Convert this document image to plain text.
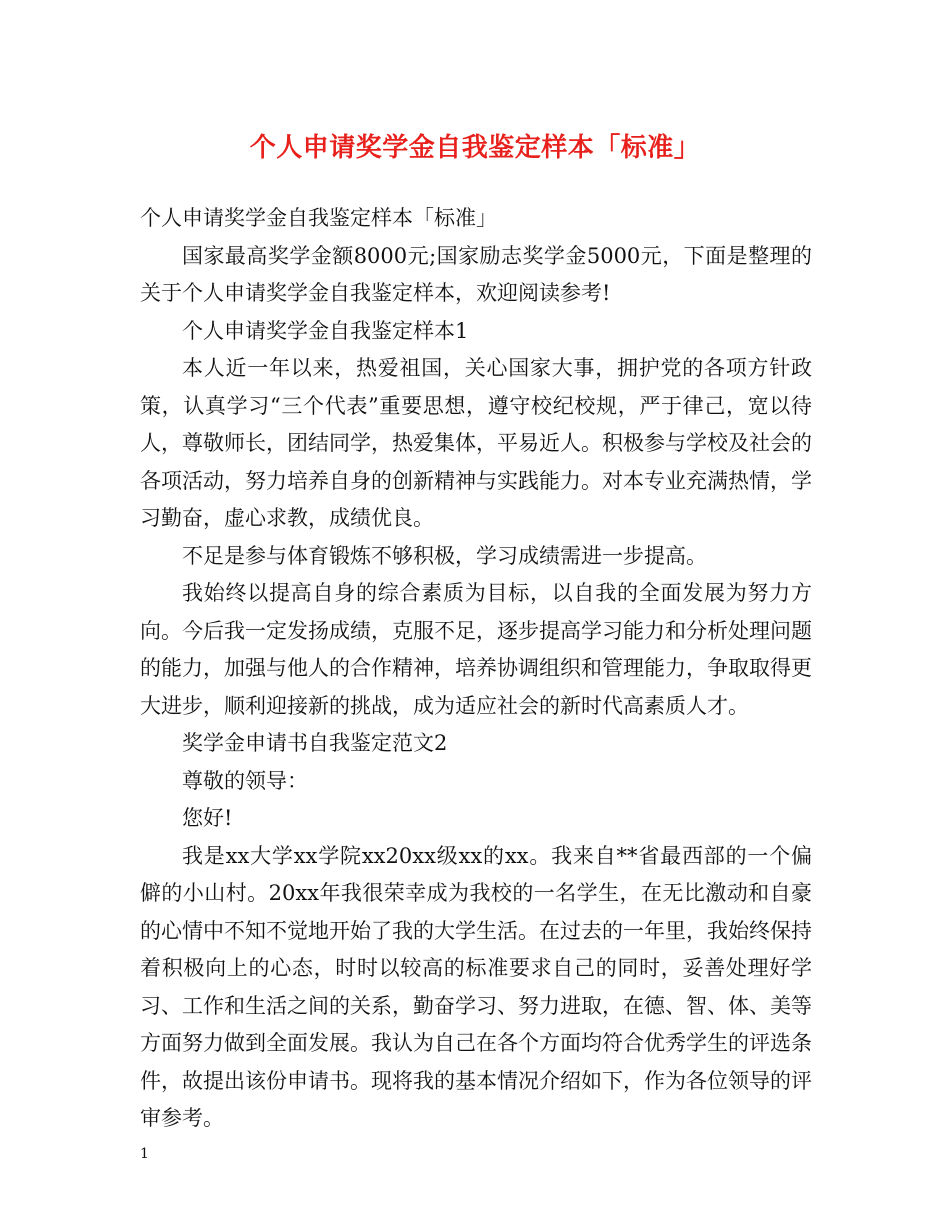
个人申请奖学金自我鉴定样本「标准」

个人申请奖学金自我鉴定样本「标准」

国家最高奖学金额8000元;国家励志奖学金5000元，下面是整理的关于个人申请奖学金自我鉴定样本，欢迎阅读参考!

个人申请奖学金自我鉴定样本1

本人近一年以来，热爱祖国，关心国家大事，拥护党的各项方针政策，认真学习“三个代表”重要思想，遵守校纪校规，严于律己，宽以待人，尊敬师长，团结同学，热爱集体，平易近人。积极参与学校及社会的各项活动，努力培养自身的创新精神与实践能力。对本专业充满热情，学习勤奋，虚心求教，成绩优良。

不足是参与体育锻炼不够积极，学习成绩需进一步提高。

我始终以提高自身的综合素质为目标，以自我的全面发展为努力方向。今后我一定发扬成绩，克服不足，逐步提高学习能力和分析处理问题的能力，加强与他人的合作精神，培养协调组织和管理能力，争取取得更大进步，顺利迎接新的挑战，成为适应社会的新时代高素质人才。

奖学金申请书自我鉴定范文2

尊敬的领导：

您好!

我是xx大学xx学院xx20xx级xx的xx。我来自**省最西部的一个偏僻的小山村。20xx年我很荣幸成为我校的一名学生，在无比激动和自豪的心情中不知不觉地开始了我的大学生活。在过去的一年里，我始终保持着积极向上的心态，时时以较高的标准要求自己的同时，妥善处理好学习、工作和生活之间的关系，勤奋学习、努力进取，在德、智、体、美等方面努力做到全面发展。我认为自己在各个方面均符合优秀学生的评选条件，故提出该份申请书。现将我的基本情况介绍如下，作为各位领导的评审参考。

1
